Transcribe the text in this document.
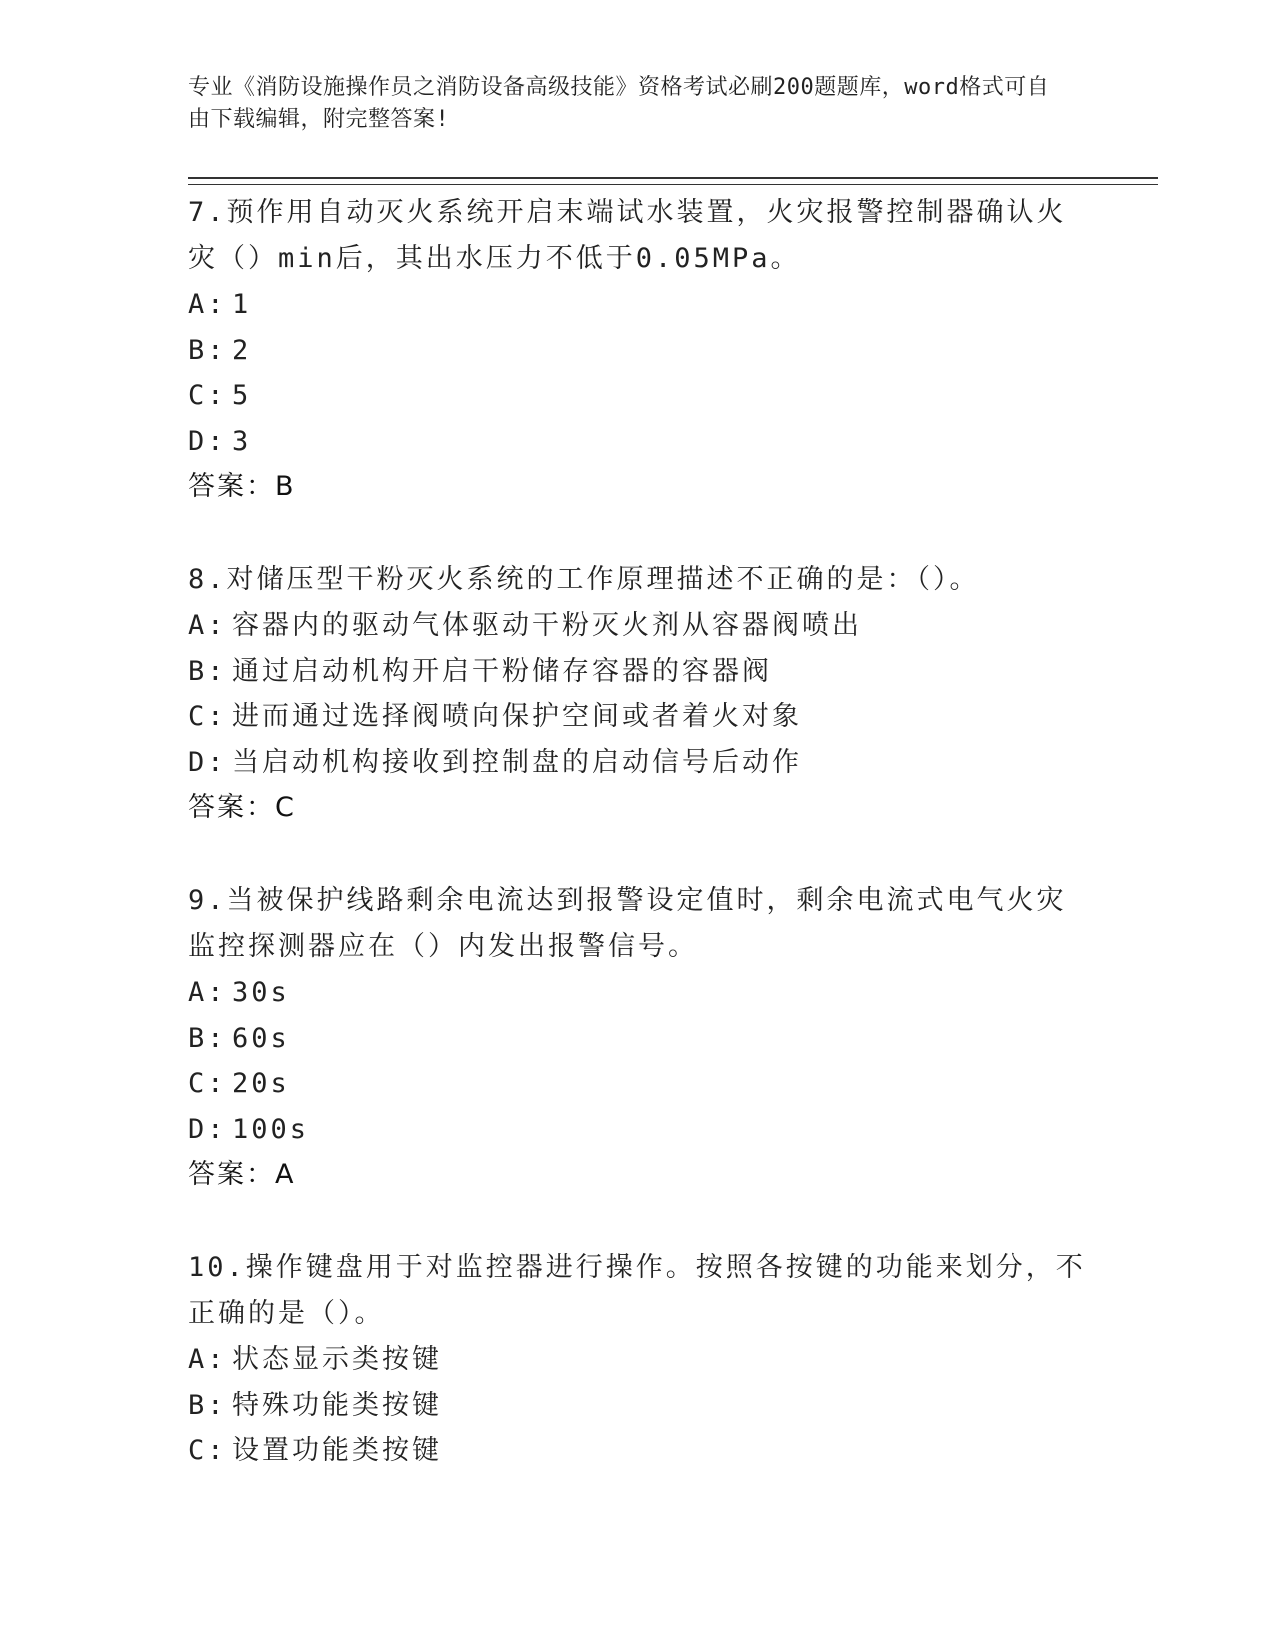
专业《消防设施操作员之消防设备高级技能》资格考试必刷200题题库，word格式可自由下载编辑，附完整答案!
7.预作用自动灭火系统开启末端试水装置，火灾报警控制器确认火灾（）min后，其出水压力不低于0.05MPa。
A: 1
B: 2
C: 5
D: 3
答案：B
8.对储压型干粉灭火系统的工作原理描述不正确的是：（）。
A: 容器内的驱动气体驱动干粉灭火剂从容器阀喷出
B: 通过启动机构开启干粉储存容器的容器阀
C: 进而通过选择阀喷向保护空间或者着火对象
D: 当启动机构接收到控制盘的启动信号后动作
答案：C
9.当被保护线路剩余电流达到报警设定值时，剩余电流式电气火灾监控探测器应在（）内发出报警信号。
A: 30s
B: 60s
C: 20s
D: 100s
答案：A
10.操作键盘用于对监控器进行操作。按照各按键的功能来划分，不正确的是（）。
A: 状态显示类按键
B: 特殊功能类按键
C: 设置功能类按键
